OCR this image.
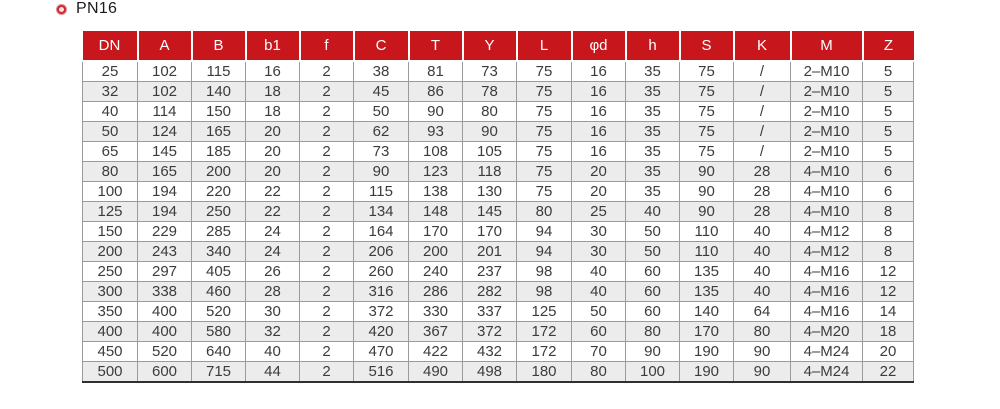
PN16
DN	A	B	b1	f	C	T	Y	L	φd	h	S	K	M	Z
25	102	115	16	2	38	81	73	75	16	35	75	/	2–M10	5
32	102	140	18	2	45	86	78	75	16	35	75	/	2–M10	5
40	114	150	18	2	50	90	80	75	16	35	75	/	2–M10	5
50	124	165	20	2	62	93	90	75	16	35	75	/	2–M10	5
65	145	185	20	2	73	108	105	75	16	35	75	/	2–M10	5
80	165	200	20	2	90	123	118	75	20	35	90	28	4–M10	6
100	194	220	22	2	115	138	130	75	20	35	90	28	4–M10	6
125	194	250	22	2	134	148	145	80	25	40	90	28	4–M10	8
150	229	285	24	2	164	170	170	94	30	50	110	40	4–M12	8
200	243	340	24	2	206	200	201	94	30	50	110	40	4–M12	8
250	297	405	26	2	260	240	237	98	40	60	135	40	4–M16	12
300	338	460	28	2	316	286	282	98	40	60	135	40	4–M16	12
350	400	520	30	2	372	330	337	125	50	60	140	64	4–M16	14
400	400	580	32	2	420	367	372	172	60	80	170	80	4–M20	18
450	520	640	40	2	470	422	432	172	70	90	190	90	4–M24	20
500	600	715	44	2	516	490	498	180	80	100	190	90	4–M24	22
